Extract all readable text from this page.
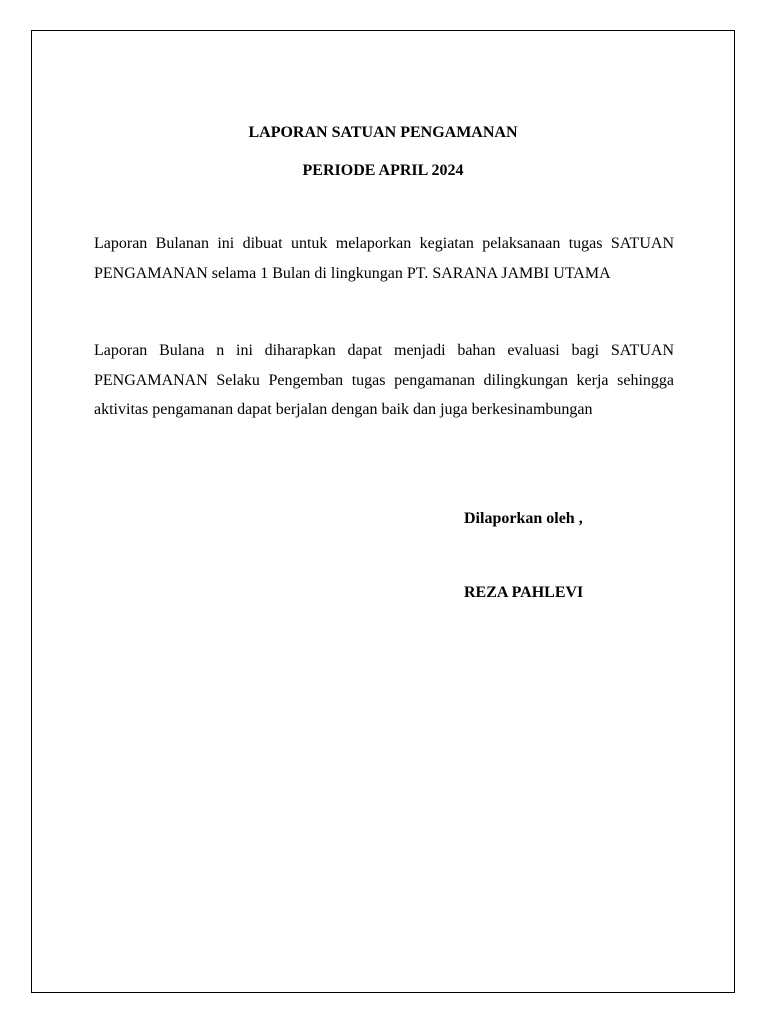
LAPORAN SATUAN PENGAMANAN
PERIODE APRIL 2024

Laporan Bulanan ini dibuat untuk melaporkan kegiatan pelaksanaan tugas SATUAN PENGAMANAN selama 1 Bulan di lingkungan PT. SARANA JAMBI UTAMA

Laporan Bulana n ini diharapkan dapat menjadi bahan evaluasi bagi SATUAN PENGAMANAN Selaku Pengemban tugas pengamanan dilingkungan kerja sehingga aktivitas pengamanan dapat berjalan dengan baik dan juga berkesinambungan

Dilaporkan oleh ,

REZA PAHLEVI
